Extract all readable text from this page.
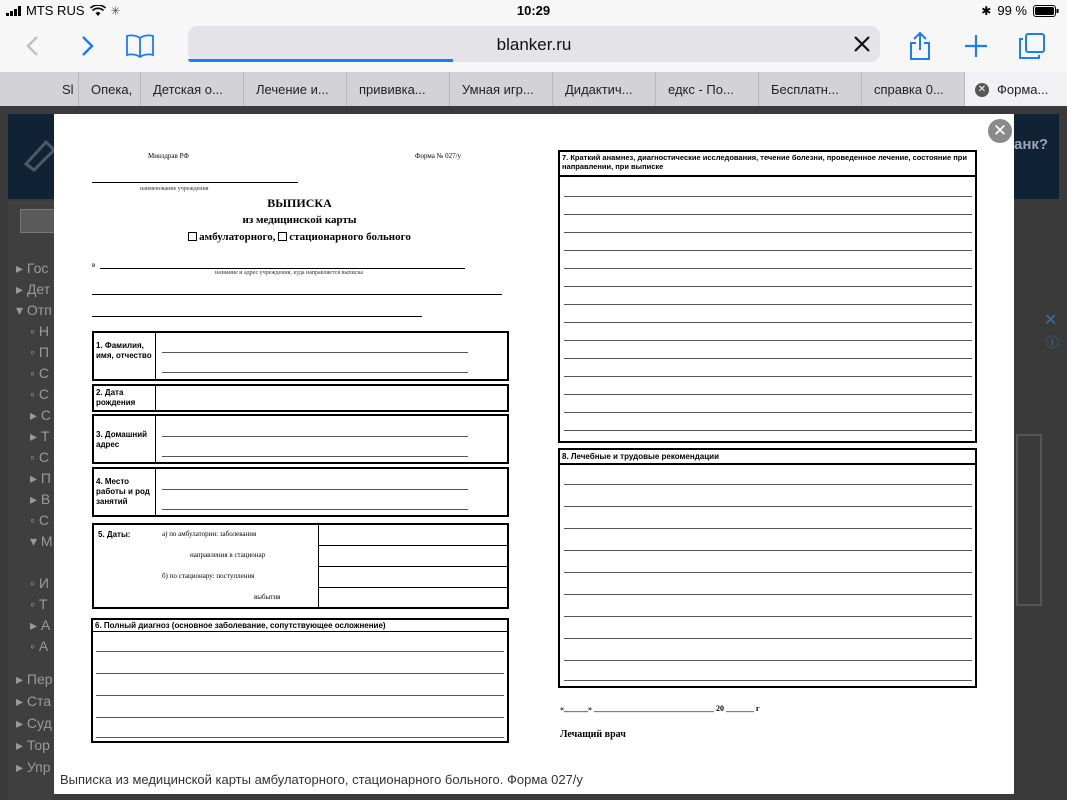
MTS RUS ✳	10:29	✱ 99 %
blanker.ru
Sl	Опека,	Детская о...	Лечение и...	прививка...	Умная игр...	Дидактич...	едкс - По...	Бесплатн...	справка 0...	✕ Форма...
анк?
▸ Гос
▸ Дет
▾ Отп
◦ Н
◦ П
◦ С
◦ С
▸ С
▸ Т
◦ С
▸ П
▸ В
◦ С
▾ М
◦ И
◦ Т
▸ А
◦ А
▸ Пер
▸ Ста
▸ Суд
▸ Тор
▸ Упр
✕
ⓘ
✕
Выписка из медицинской карты амбулаторного, стационарного больного. Форма 027/у
Минздрав РФ	Форма № 027/у
наименование учреждения
ВЫПИСКА
из медицинской карты
амбулаторного, стационарного больного
в
название и адрес учреждения, куда направляется выписка
1. Фамилия, имя, отчество
2. Дата рождения
3. Домашний адрес
4. Место работы и род занятий
5. Даты:	а) по амбулатории: заболевания
направления в стационар
б) по стационару: поступления
выбытия
6. Полный диагноз (основное заболевание, сопутствующее осложнение)
7. Краткий анамнез, диагностические исследования, течение болезни, проведенное лечение, состояние при направлении, при выписке
8. Лечебные и трудовые рекомендации
«______» ______________________________ 20 _______ г
Лечащий врач
